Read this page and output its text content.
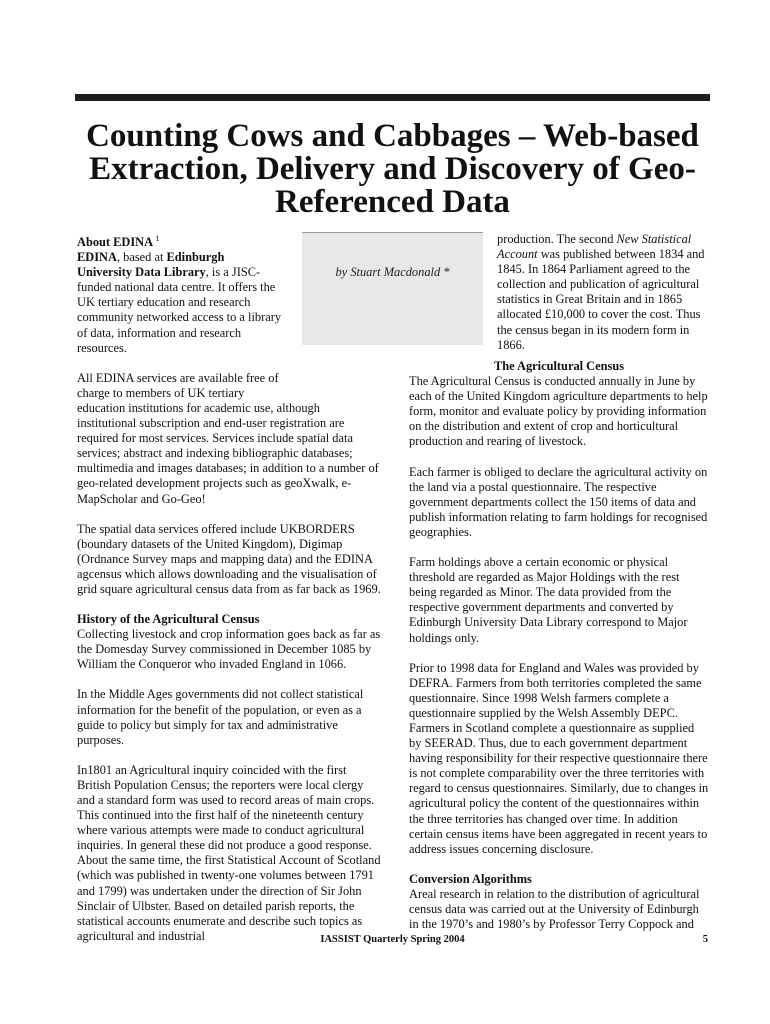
Counting Cows and Cabbages – Web-based
Extraction, Delivery and Discovery of Geo-
Referenced Data
by Stuart Macdonald *

About EDINA $^1$

EDINA, based at Edinburgh University Data Library, is a JISC-funded national data centre. It offers the UK tertiary education and research community networked access to a library of data, information and research resources.

All EDINA services are available free of charge to members of UK tertiary
education institutions for academic use, although institutional subscription and end-user registration are required for most services. Services include spatial data services; abstract and indexing bibliographic databases; multimedia and images databases; in addition to a number of geo-related development projects such as geoXwalk, e-MapScholar and Go-Geo!

The spatial data services offered include UKBORDERS (boundary datasets of the United Kingdom), Digimap (Ordnance Survey maps and mapping data) and the EDINA agcensus which allows downloading and the visualisation of grid square agricultural census data from as far back as 1969.

History of the Agricultural Census

Collecting livestock and crop information goes back as far as the Domesday Survey commissioned in December 1085 by William the Conqueror who invaded England in 1066.

In the Middle Ages governments did not collect statistical information for the benefit of the population, or even as a guide to policy but simply for tax and administrative purposes.

In1801 an Agricultural inquiry coincided with the first British Population Census; the reporters were local clergy and a standard form was used to record areas of main crops. This continued into the first half of the nineteenth century where various attempts were made to conduct agricultural inquiries. In general these did not produce a good response. About the same time, the first Statistical Account of Scotland (which was published in twenty-one volumes between 1791 and 1799) was undertaken under the direction of Sir John Sinclair of Ulbster. Based on detailed parish reports, the statistical accounts enumerate and describe such topics as agricultural and industrial

production. The second New Statistical Account was published between 1834 and 1845. In 1864 Parliament agreed to the collection and publication of agricultural statistics in Great Britain and in 1865 allocated £10,000 to cover the cost. Thus the census began in its modern form in 1866.

The Agricultural Census

The Agricultural Census is conducted annually in June by each of the United Kingdom agriculture departments to help form, monitor and evaluate policy by providing information on the distribution and extent of crop and horticultural production and rearing of livestock.

Each farmer is obliged to declare the agricultural activity on the land via a postal questionnaire. The respective government departments collect the 150 items of data and publish information relating to farm holdings for recognised geographies.

Farm holdings above a certain economic or physical threshold are regarded as Major Holdings with the rest being regarded as Minor. The data provided from the respective government departments and converted by Edinburgh University Data Library correspond to Major holdings only.

Prior to 1998 data for England and Wales was provided by DEFRA. Farmers from both territories completed the same questionnaire. Since 1998 Welsh farmers complete a questionnaire supplied by the Welsh Assembly DEPC. Farmers in Scotland complete a questionnaire as supplied by SEERAD. Thus, due to each government department having responsibility for their respective questionnaire there is not complete comparability over the three territories with regard to census questionnaires. Similarly, due to changes in agricultural policy the content of the questionnaires within the three territories has changed over time. In addition certain census items have been aggregated in recent years to address issues concerning disclosure.

Conversion Algorithms

Areal research in relation to the distribution of agricultural census data was carried out at the University of Edinburgh in the 1970’s and 1980’s by Professor Terry Coppock and

IASSIST Quarterly Spring 2004	5
